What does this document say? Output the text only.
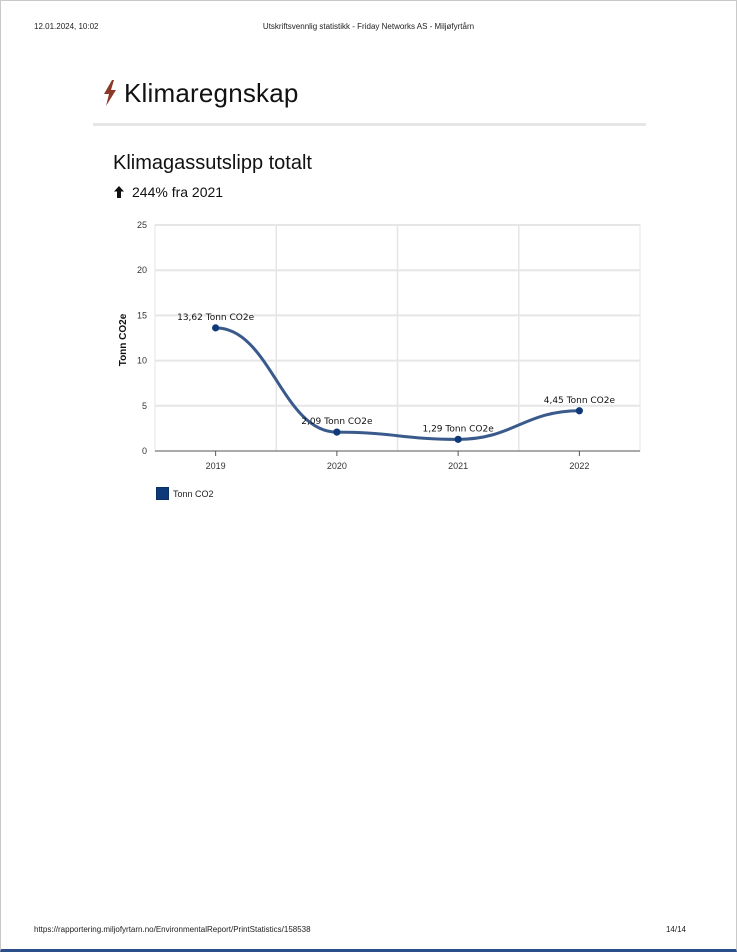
12.01.2024, 10:02	Utskriftsvennlig statistikk - Friday Networks AS - Miljøfyrtårn
Klimaregnskap
Klimagassutslipp totalt
244% fra 2021
0
5
10
15
20
25
2019	2020	2021	2022
Tonn CO2e	13,62 Tonn CO2e
2,09 Tonn CO2e
1,29 Tonn CO2e
4,45 Tonn CO2e
Tonn CO2
https://rapportering.miljofyrtarn.no/EnvironmentalReport/PrintStatistics/158538	14/14
